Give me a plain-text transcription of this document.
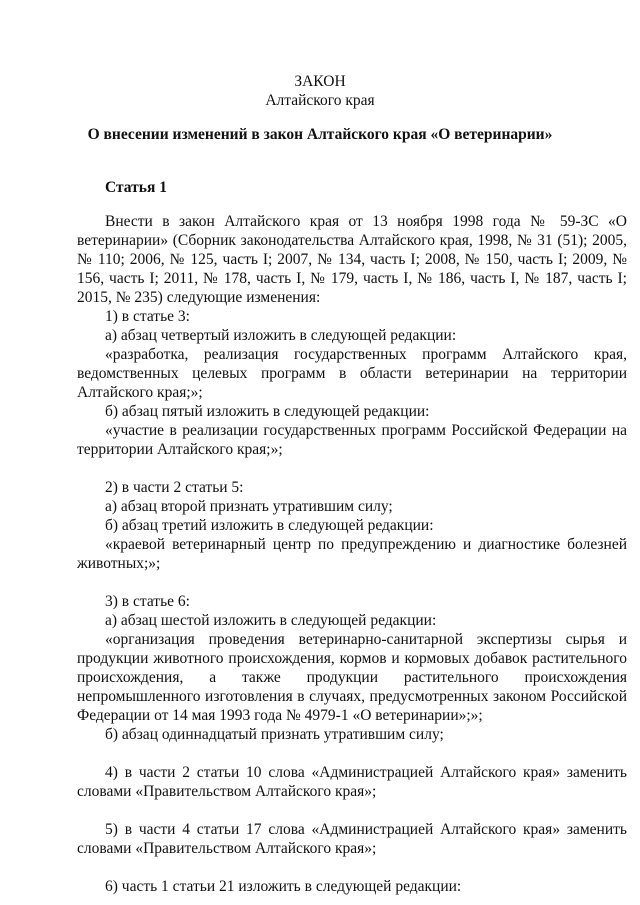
ЗАКОН
Алтайского края
О внесении изменений в закон Алтайского края «О ветеринарии»
Статья 1

Внести в закон Алтайского края от 13 ноября 1998 года № 59-ЗС «О ветеринарии» (Сборник законодательства Алтайского края, 1998, № 31 (51); 2005, № 110; 2006, № 125, часть I; 2007, № 134, часть I; 2008, № 150, часть I; 2009, № 156, часть I; 2011, № 178, часть I, № 179, часть I, № 186, часть I, № 187, часть I; 2015, № 235) следующие изменения:

1) в статье 3:

а) абзац четвертый изложить в следующей редакции:

«разработка, реализация государственных программ Алтайского края, ведомственных целевых программ в области ветеринарии на территории Алтайского края;»;

б) абзац пятый изложить в следующей редакции:

«участие в реализации государственных программ Российской Федерации на территории Алтайского края;»;

2) в части 2 статьи 5:

а) абзац второй признать утратившим силу;

б) абзац третий изложить в следующей редакции:

«краевой ветеринарный центр по предупреждению и диагностике болезней животных;»;

3) в статье 6:

а) абзац шестой изложить в следующей редакции:

«организация проведения ветеринарно-санитарной экспертизы сырья и продукции животного происхождения, кормов и кормовых добавок растительного происхождения, а также продукции растительного происхождения непромышленного изготовления в случаях, предусмотренных законом Российской Федерации от 14 мая 1993 года № 4979-1 «О ветеринарии»;»;

б) абзац одиннадцатый признать утратившим силу;

4) в части 2 статьи 10 слова «Администрацией Алтайского края» заменить словами «Правительством Алтайского края»;

5) в части 4 статьи 17 слова «Администрацией Алтайского края» заменить словами «Правительством Алтайского края»;

6) часть 1 статьи 21 изложить в следующей редакции:
